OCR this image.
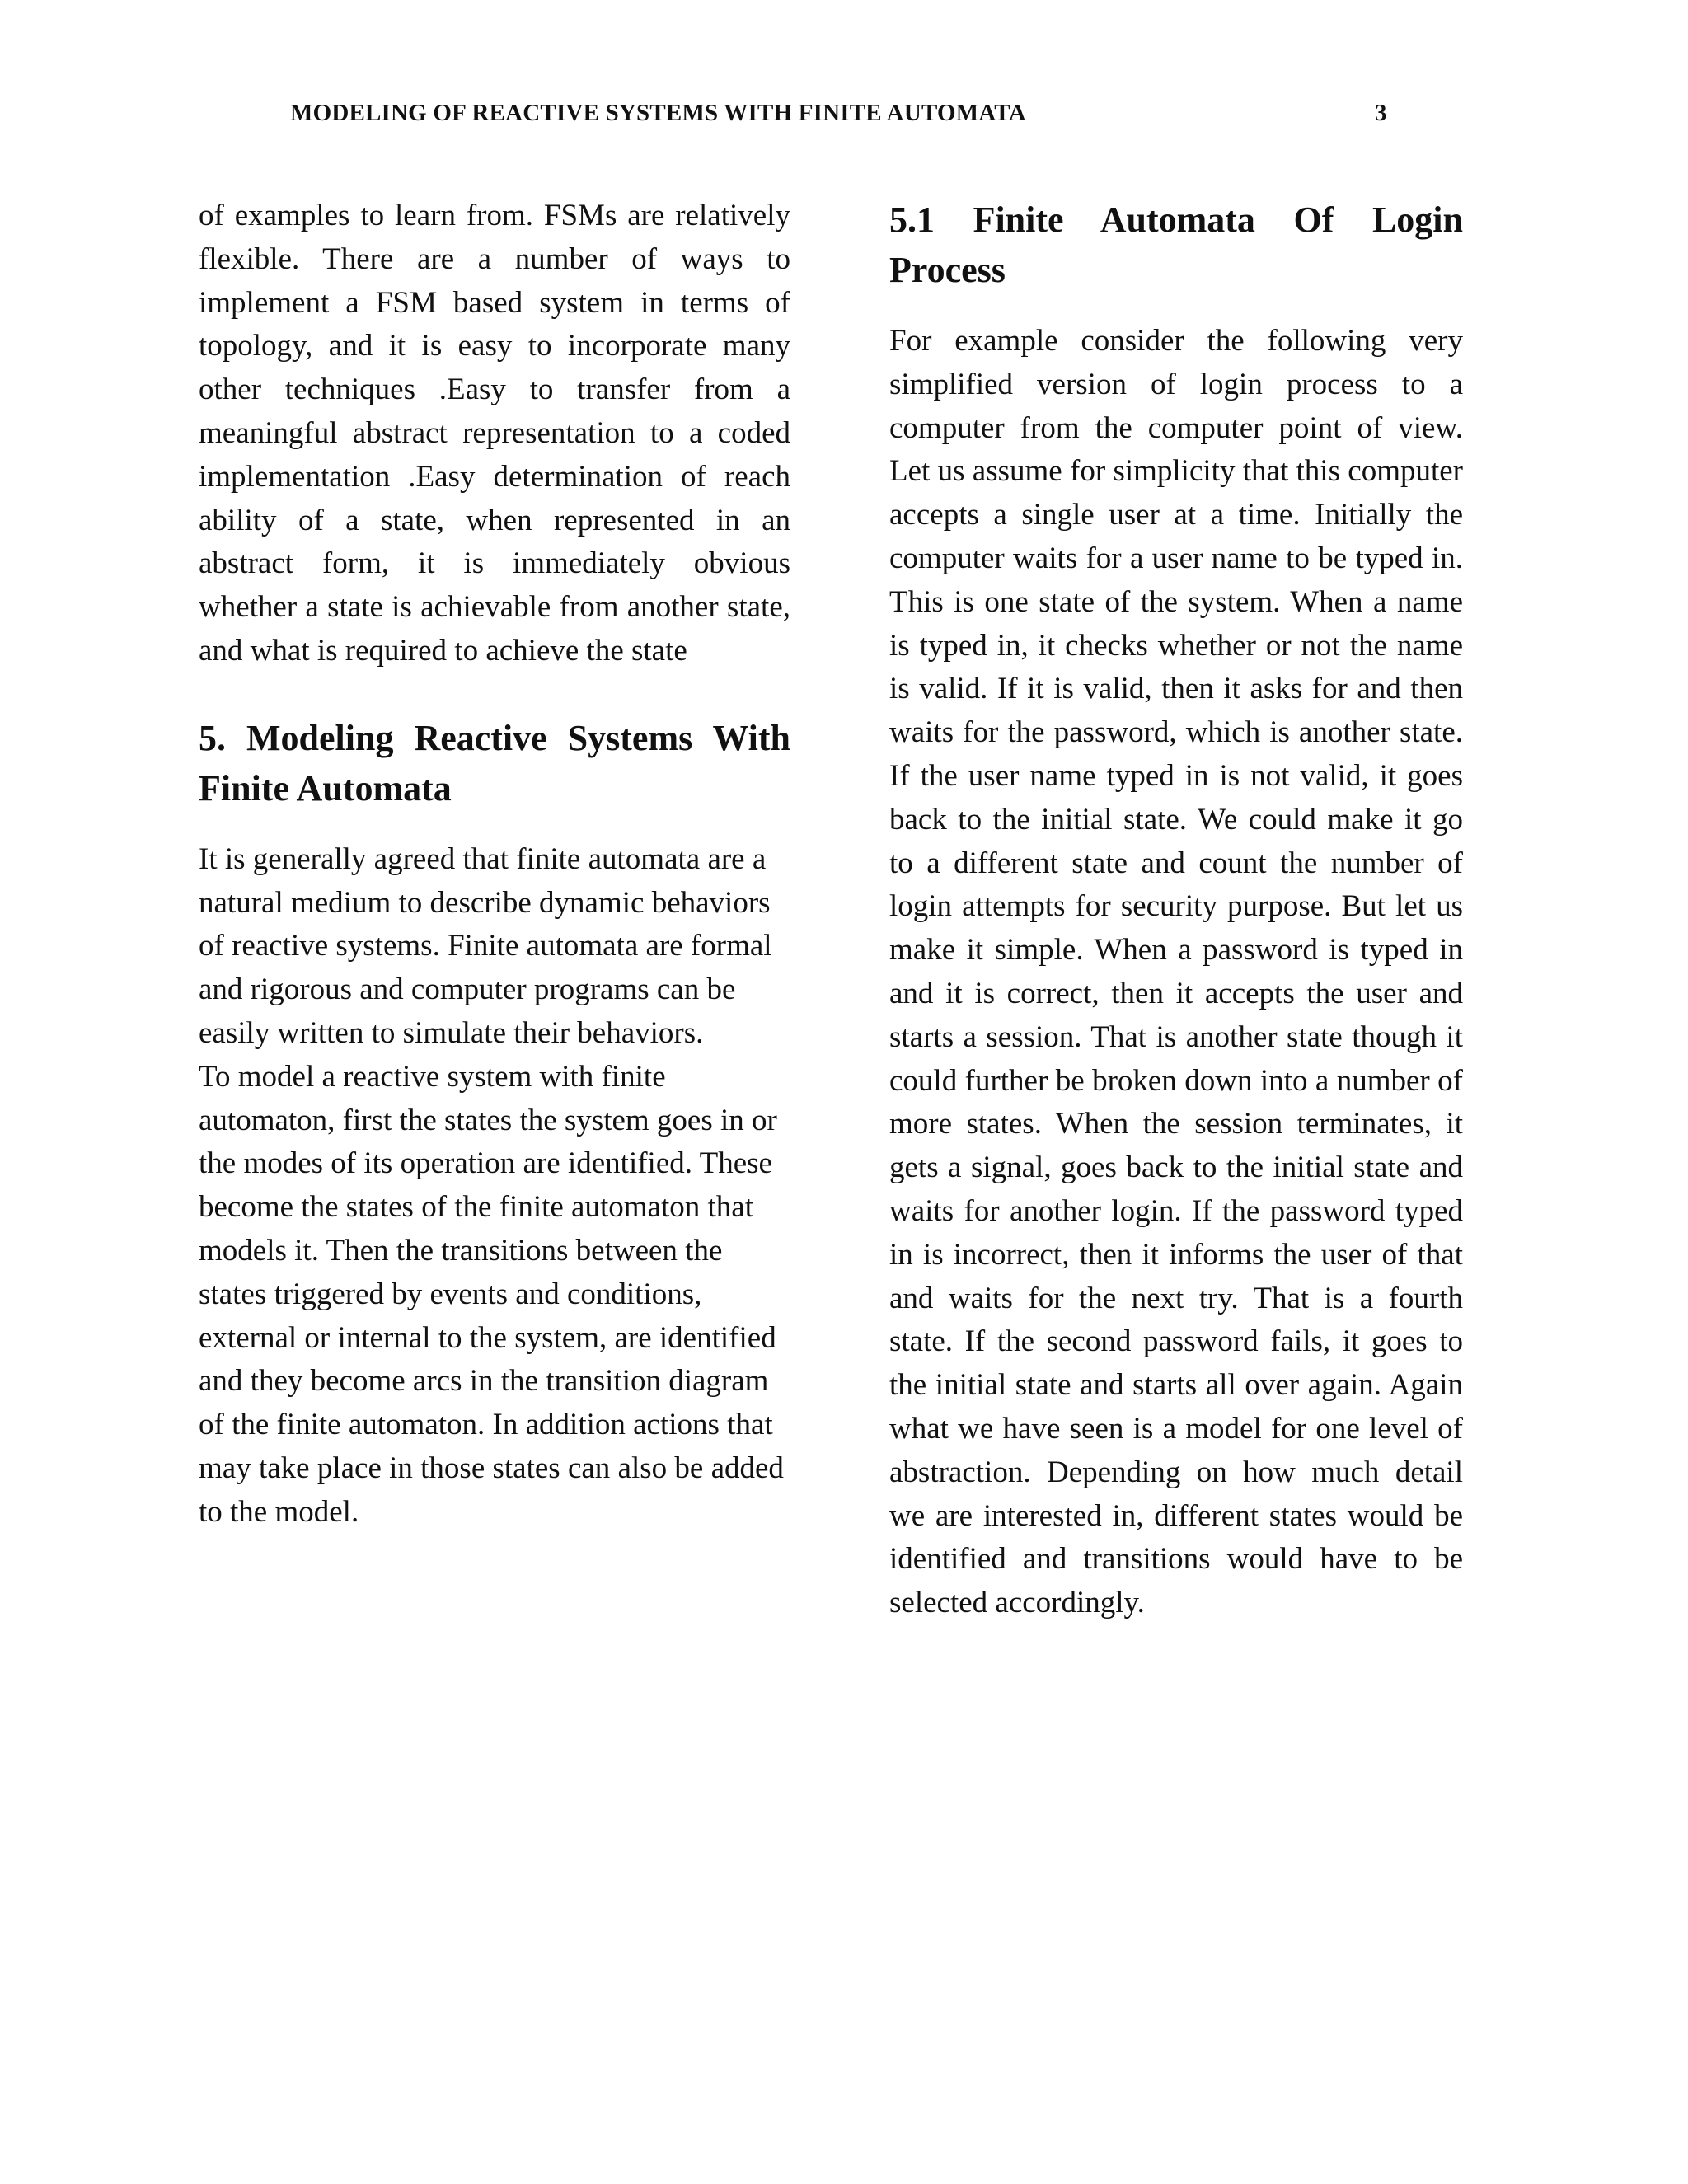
MODELING OF REACTIVE SYSTEMS WITH FINITE AUTOMATA	3

of examples to learn from. FSMs are relatively flexible. There are a number of ways to implement a FSM based system in terms of topology, and it is easy to incorporate many other techniques .Easy to transfer from a meaningful abstract representation to a coded implementation .Easy determination of reach ability of a state, when represented in an abstract form, it is immediately obvious whether a state is achievable from another state, and what is required to achieve the state

5. Modeling Reactive Systems With Finite Automata

It is generally agreed that finite automata are a natural medium to describe dynamic behaviors of reactive systems. Finite automata are formal and rigorous and computer programs can be easily written to simulate their behaviors.

To model a reactive system with finite automaton, first the states the system goes in or the modes of its operation are identified. These become the states of the finite automaton that models it. Then the transitions between the states triggered by events and conditions, external or internal to the system, are identified and they become arcs in the transition diagram of the finite automaton. In addition actions that may take place in those states can also be added to the model.

5.1 Finite Automata Of Login Process

For example consider the following very simplified version of login process to a computer from the computer point of view. Let us assume for simplicity that this computer accepts a single user at a time. Initially the computer waits for a user name to be typed in. This is one state of the system. When a name is typed in, it checks whether or not the name is valid. If it is valid, then it asks for and then waits for the password, which is another state. If the user name typed in is not valid, it goes back to the initial state. We could make it go to a different state and count the number of login attempts for security purpose. But let us make it simple. When a password is typed in and it is correct, then it accepts the user and starts a session. That is another state though it could further be broken down into a number of more states. When the session terminates, it gets a signal, goes back to the initial state and waits for another login. If the password typed in is incorrect, then it informs the user of that and waits for the next try. That is a fourth state. If the second password fails, it goes to the initial state and starts all over again. Again what we have seen is a model for one level of abstraction. Depending on how much detail we are interested in, different states would be identified and transitions would have to be selected accordingly.
